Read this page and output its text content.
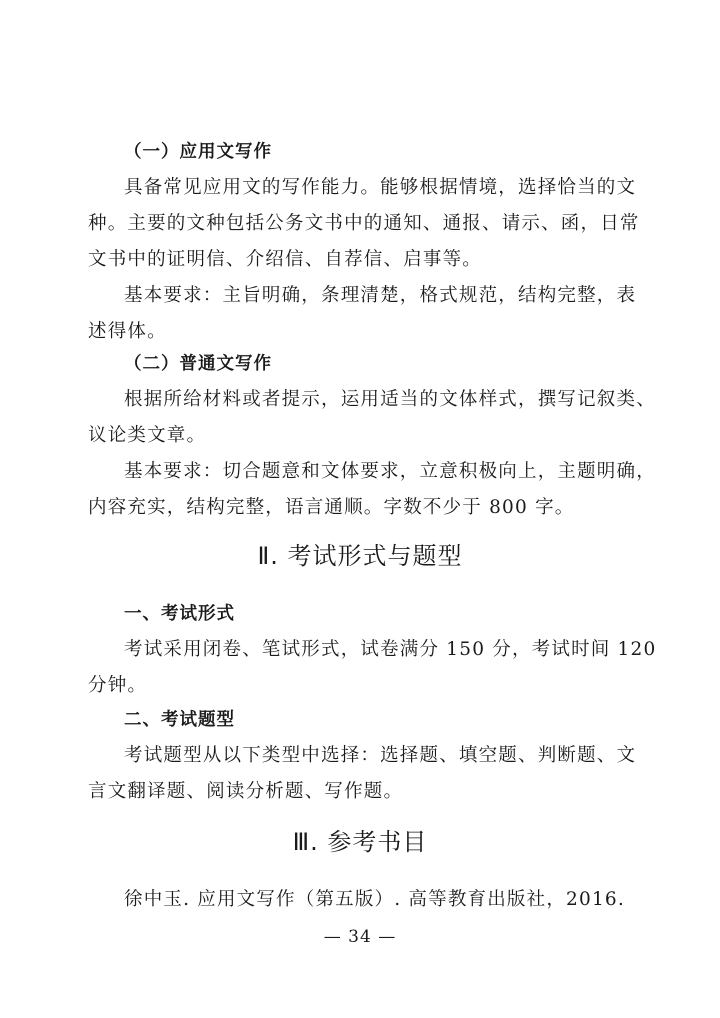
（一）应用文写作
具备常见应用文的写作能力。能够根据情境，选择恰当的文
种。主要的文种包括公务文书中的通知、通报、请示、函，日常
文书中的证明信、介绍信、自荐信、启事等。
基本要求：主旨明确，条理清楚，格式规范，结构完整，表
述得体。
（二）普通文写作
根据所给材料或者提示，运用适当的文体样式，撰写记叙类、
议论类文章。
基本要求：切合题意和文体要求，立意积极向上，主题明确，
内容充实，结构完整，语言通顺。字数不少于 800 字。
Ⅱ. 考试形式与题型
一、考试形式
考试采用闭卷、笔试形式，试卷满分 150 分，考试时间 120
分钟。
二、考试题型
考试题型从以下类型中选择：选择题、填空题、判断题、文
言文翻译题、阅读分析题、写作题。
Ⅲ. 参考书目
徐中玉. 应用文写作（第五版）. 高等教育出版社，2016.
— 34 —
